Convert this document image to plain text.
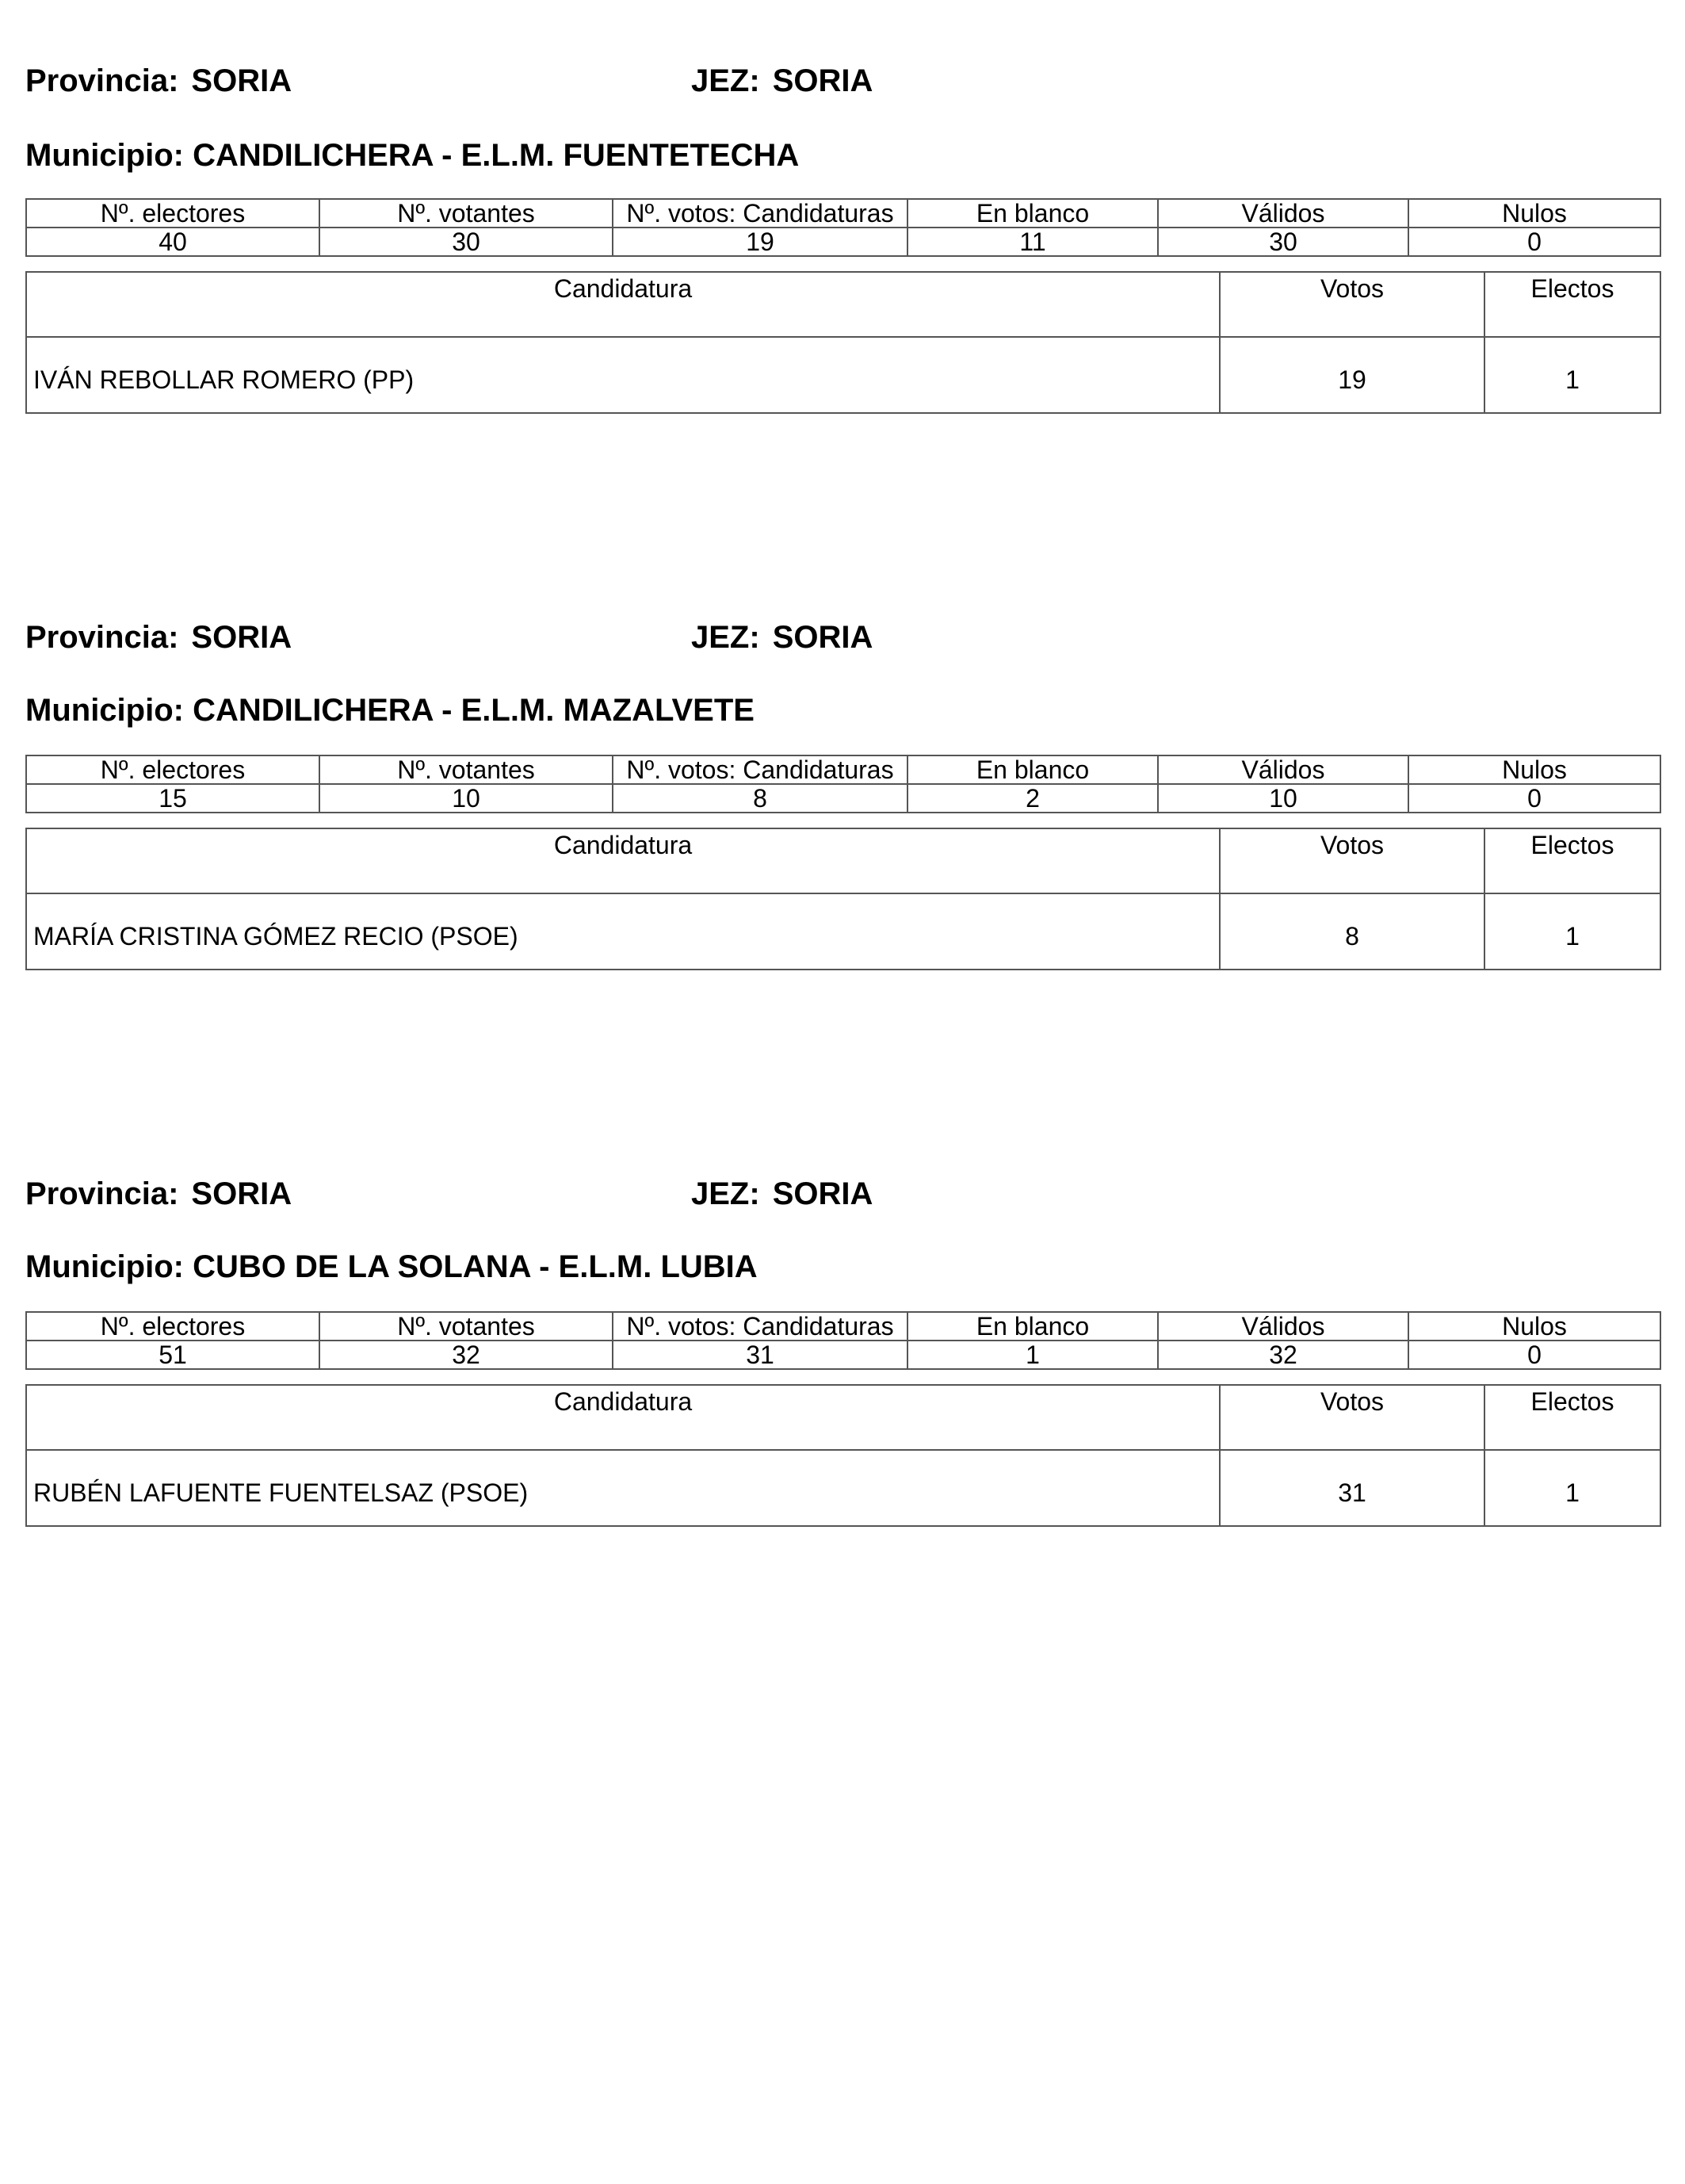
Provincia: SORIA	JEZ: SORIA
Municipio: CANDILICHERA - E.L.M. FUENTETECHA
Nº. electores	Nº. votantes	Nº. votos: Candidaturas	En blanco	Válidos	Nulos
40	30	19	11	30	0
Candidatura	Votos	Electos
IVÁN REBOLLAR ROMERO (PP)	19	1
Provincia: SORIA	JEZ: SORIA
Municipio: CANDILICHERA - E.L.M. MAZALVETE
Nº. electores	Nº. votantes	Nº. votos: Candidaturas	En blanco	Válidos	Nulos
15	10	8	2	10	0
Candidatura	Votos	Electos
MARÍA CRISTINA GÓMEZ RECIO (PSOE)	8	1
Provincia: SORIA	JEZ: SORIA
Municipio: CUBO DE LA SOLANA - E.L.M. LUBIA
Nº. electores	Nº. votantes	Nº. votos: Candidaturas	En blanco	Válidos	Nulos
51	32	31	1	32	0
Candidatura	Votos	Electos
RUBÉN LAFUENTE FUENTELSAZ (PSOE)	31	1
